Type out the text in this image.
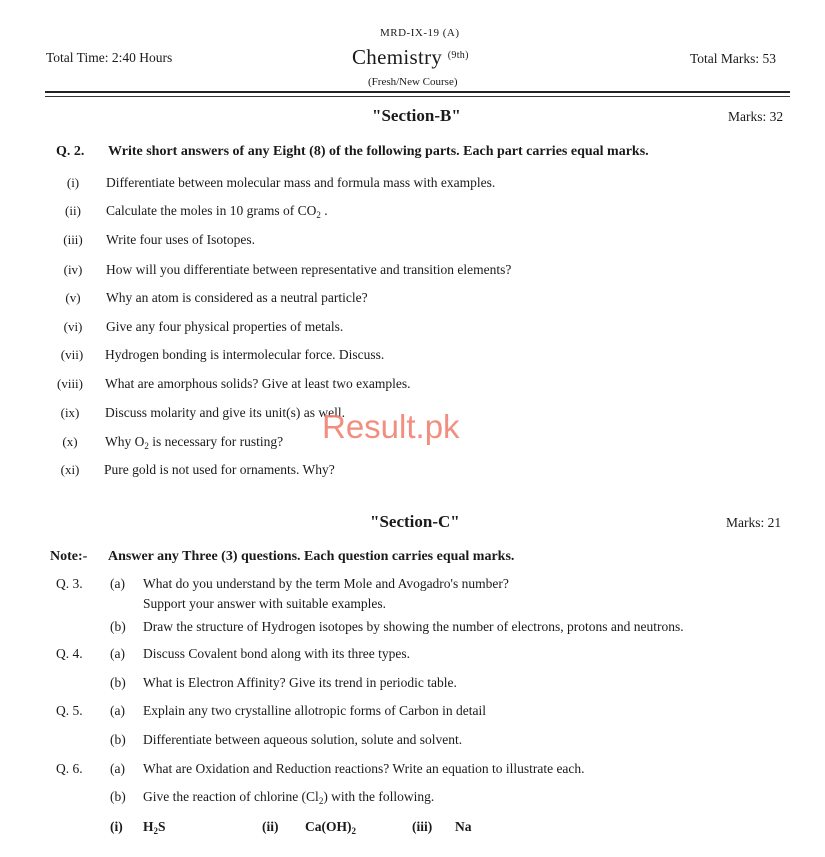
MRD-IX-19 (A)
Total Time: 2:40 Hours	Chemistry $^{(9th)}$	Total Marks: 53
(Fresh/New Course)
"Section-B"	Marks: 32
Q. 2. Write short answers of any Eight (8) of the following parts. Each part carries equal marks.
(i)	Differentiate between molecular mass and formula mass with examples.
(ii)	Calculate the moles in 10 grams of $CO_2$ .
(iii)	Write four uses of Isotopes.
(iv)	How will you differentiate between representative and transition elements?
(v)	Why an atom is considered as a neutral particle?
(vi)	Give any four physical properties of metals.
(vii)	Hydrogen bonding is intermolecular force. Discuss.
(viii)	What are amorphous solids? Give at least two examples.
(ix)	Discuss molarity and give its unit(s) as well.
(x)	Why $O_2$ is necessary for rusting?
(xi)	Pure gold is not used for ornaments. Why?
Result.pk
"Section-C"	Marks: 21
Note:- Answer any Three (3) questions. Each question carries equal marks.
Q. 3. (a) What do you understand by the term Mole and Avogadro's number?
Support your answer with suitable examples.
(b) Draw the structure of Hydrogen isotopes by showing the number of electrons, protons and neutrons.
Q. 4. (a) Discuss Covalent bond along with its three types.
(b) What is Electron Affinity? Give its trend in periodic table.
Q. 5. (a) Explain any two crystalline allotropic forms of Carbon in detail
(b) Differentiate between aqueous solution, solute and solvent.
Q. 6. (a) What are Oxidation and Reduction reactions? Write an equation to illustrate each.
(b) Give the reaction of chlorine $(Cl_2)$ with the following.
(i) $H_2S$	(ii) $Ca(OH)_2$	(iii) Na
